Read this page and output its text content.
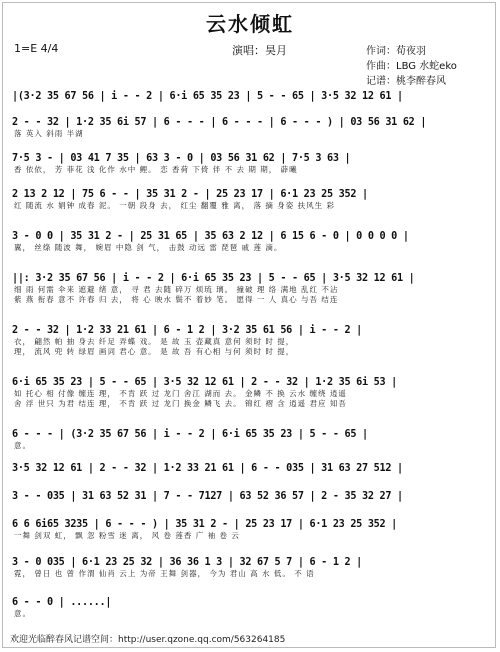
云水倾虹
1=E 4/4	演唱：昊月	作词：荀夜羽
作曲：LBG 水蛇eko
记谱：桃李醉春风
|(3·2 35 67 56 | i - - 2 | 6·i 65 35 23 | 5 - - 65 | 3·5 32 12 61 |
2 - - 32 | 1·2 35 6i 57 | 6 - - - | 6 - - - | 6 - - - ) | 03 56 31 62 |
落 英入 斜雨 半湖
7·5 3 - | 03 41 7 35 | 63 3 - 0 | 03 56 31 62 | 7·5 3 63 |
香 依依， 芳 菲花 浅 化作 水中 鲤。 恋 香荷 下倚 伴 不 去 期 期， 薜曦
2 13 2 12 | 75 6 - - | 35 31 2 - | 25 23 17 | 6·1 23 25 352 |
红 随流 水 娟钟 成春 泥。 一朝 段身 去， 红尘 翻覆 雅 离， 落 摘 身姿 扶风生 彩
3 - 0 0 | 35 31 2 - | 25 31 65 | 35 63 2 12 | 6 15 6 - 0 | 0 0 0 0 |
翼， 丝绦 随波 舞， 婉眉 中隐 剑 气， 击鼓 动远 雷 琵琶 戚 莲 滴。
||: 3·2 35 67 56 | i - - 2 | 6·i 65 35 23 | 5 - - 65 | 3·5 32 12 61 |
细 雨 何需 伞来 遮避 绪 意， 寻 君 去随 碎万 烦琉 璃。 撞破 理 络 满地 乱红 不沾
紫 燕 衔春 意不 许春 归 去， 将 心 映水 鬓不 着妙 笔。 愿得 一 人 真心 与吾 结连
2 - - 32 | 1·2 33 21 61 | 6 - 1 2 | 3·2 35 61 56 | i - - 2 |
衣， 翩然 帕 抽 身去 纤足 弄蝶 戏。 是 故 玉 壶藏真 意何 须时 时 提，
理， 流风 兜 转 绿眉 画词 君心 意。 是 故 吾 有心相 与何 须时 时 提，
6·i 65 35 23 | 5 - - 65 | 3·5 32 12 61 | 2 - - 32 | 1·2 35 6i 53 |
如 托心 相 付像 缠连 理， 不肯 跃 过 龙门 舍江 湖而 去。 金鳞 不 换 云水 缠绕 逍遥
舍 浮 世只 为君 结连 理， 不肯 跃 过 龙门 换金 鳞飞 去。 锦红 褶 含 逍遥 君应 知吾
6 - - - | (3·2 35 67 56 | i - - 2 | 6·i 65 35 23 | 5 - - 65 |
意。
3·5 32 12 61 | 2 - - 32 | 1·2 33 21 61 | 6 - - 035 | 31 63 27 512 |
3 - - 035 | 31 63 52 31 | 7 - - 7127 | 63 52 36 57 | 2 - 35 32 27 |
6 6 6i65 3235 | 6 - - - ) | 35 31 2 - | 25 23 17 | 6·1 23 25 352 |
一舞 剑双 虹， 飘 忽 粉雪 迷 离， 风 卷 莲香 广 袖 卷 云
3 - 0 035 | 6·1 23 25 32 | 36 36 1 3 | 32 67 5 7 | 6 - 1 2 |
霓， 曾日 也 曾 作渭 仙肖 云上 为帝 王舞 剑器， 今为 君山 高 水 低。 不 语
6 - - 0 | ......|
意。
欢迎光临醉春风记谱空间：http://user.qzone.qq.com/563264185
